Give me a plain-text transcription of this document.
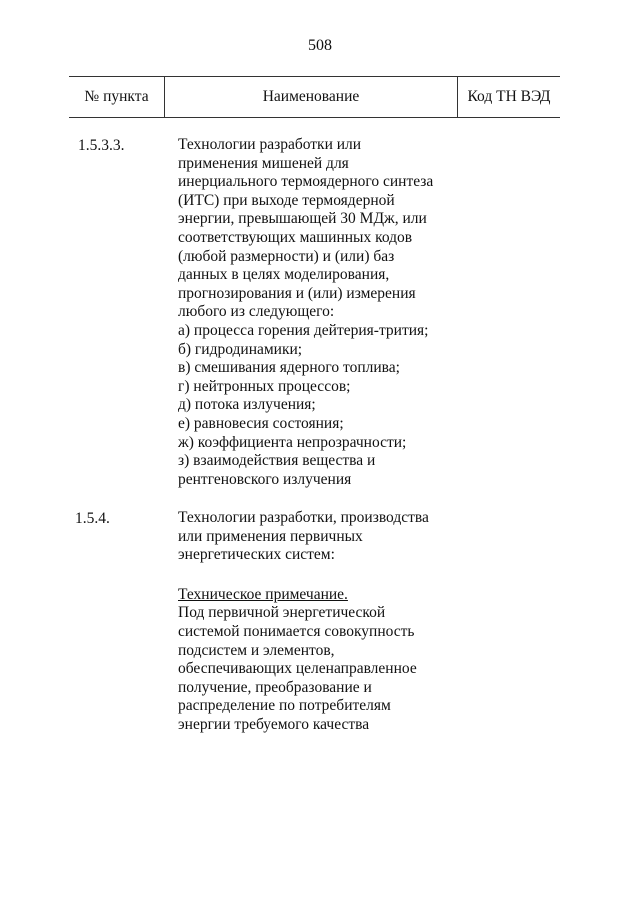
508
№ пункта	Наименование	Код ТН ВЭД
1.5.3.3.	Технологии разработки или
применения мишеней для
инерциального термоядерного синтеза
(ИТС) при выходе термоядерной
энергии, превышающей 30 МДж, или
соответствующих машинных кодов
(любой размерности) и (или) баз
данных в целях моделирования,
прогнозирования и (или) измерения
любого из следующего:
а) процесса горения дейтерия-трития;
б) гидродинамики;
в) смешивания ядерного топлива;
г) нейтронных процессов;
д) потока излучения;
е) равновесия состояния;
ж) коэффициента непрозрачности;
з) взаимодействия вещества и
рентгеновского излучения

1.5.4.	Технологии разработки, производства
или применения первичных
энергетических систем:

Техническое примечание.

Под первичной энергетической
системой понимается совокупность
подсистем и элементов,
обеспечивающих целенаправленное
получение, преобразование и
распределение по потребителям
энергии требуемого качества
